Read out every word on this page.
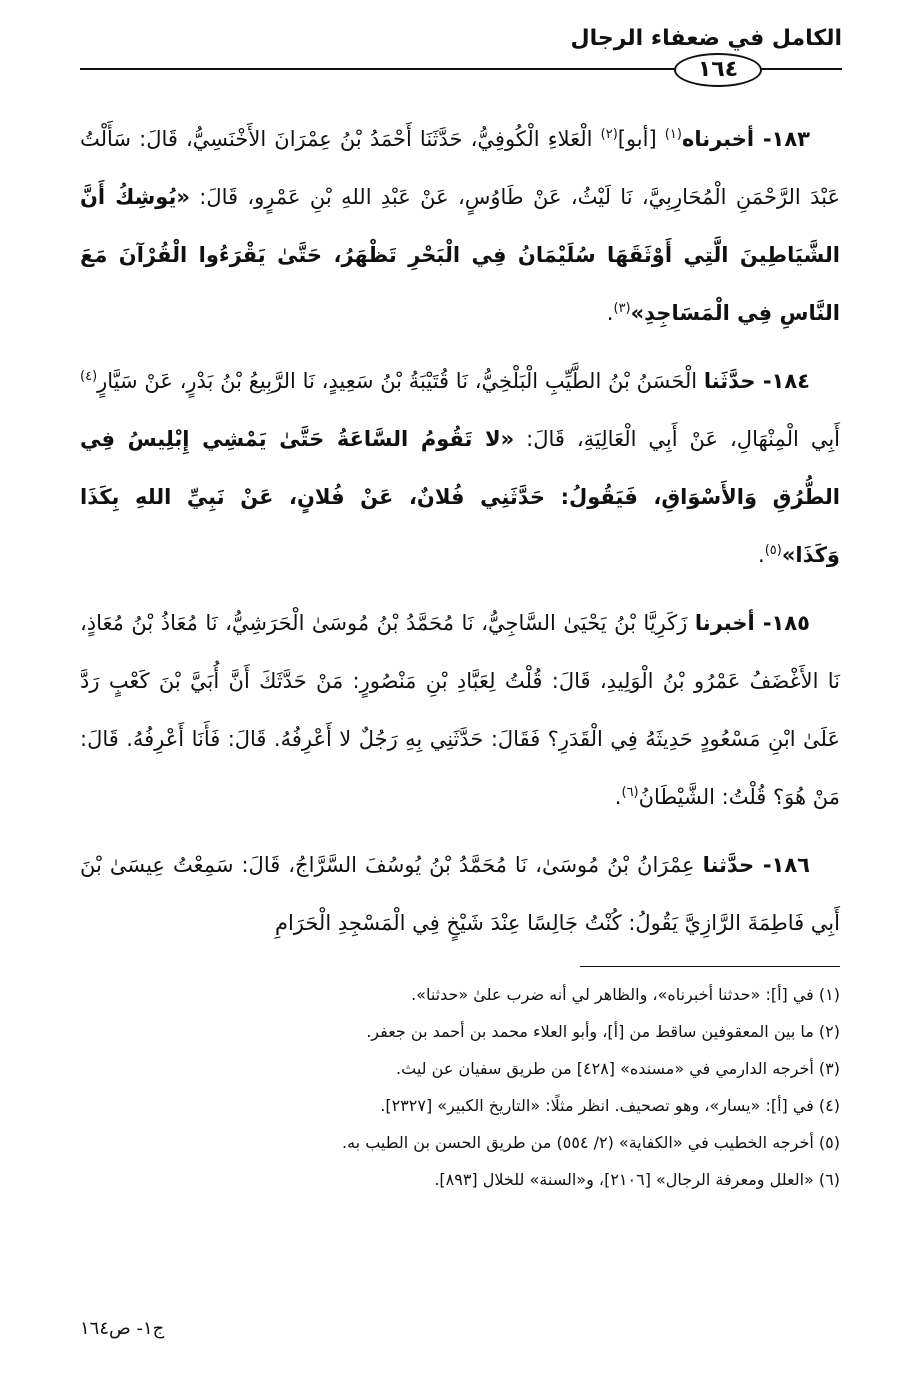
الكامل في ضعفاء الرجال
١٦٤

١٨٣- أخبرناه$^{(١)}$ [أبو]$^{(٢)}$ الْعَلاءِ الْكُوفِيُّ، حَدَّثَنَا أَحْمَدُ بْنُ عِمْرَانَ الأَخْنَسِيُّ، قَالَ: سَأَلْتُ عَبْدَ الرَّحْمَنِ الْمُحَارِبِيَّ، نَا لَيْثُ، عَنْ طَاوُسٍ، عَنْ عَبْدِ اللهِ بْنِ عَمْرٍو، قَالَ: «يُوشِكُ أَنَّ الشَّيَاطِينَ الَّتِي أَوْثَقَهَا سُلَيْمَانُ فِي الْبَحْرِ تَظْهَرُ، حَتَّىٰ يَقْرَءُوا الْقُرْآنَ مَعَ النَّاسِ فِي الْمَسَاجِدِ»$^{(٣)}$.

١٨٤- حدَّثَنا الْحَسَنُ بْنُ الطَّيِّبِ الْبَلْخِيُّ، نَا قُتَيْبَةُ بْنُ سَعِيدٍ، نَا الرَّبِيعُ بْنُ بَدْرٍ، عَنْ سَيَّارٍ$^{(٤)}$ أَبِي الْمِنْهَالِ، عَنْ أَبِي الْعَالِيَةِ، قَالَ: «لا تَقُومُ السَّاعَةُ حَتَّىٰ يَمْشِي إِبْلِيسُ فِي الطُّرُقِ وَالأَسْوَاقِ، فَيَقُولُ: حَدَّثَنِي فُلانٌ، عَنْ فُلانٍ، عَنْ نَبِيِّ اللهِ بِكَذَا وَكَذَا»$^{(٥)}$.

١٨٥- أخبرنا زَكَرِيَّا بْنُ يَحْيَىٰ السَّاجِيُّ، نَا مُحَمَّدُ بْنُ مُوسَىٰ الْحَرَشِيُّ، نَا مُعَاذُ بْنُ مُعَاذٍ، نَا الأَغْضَفُ عَمْرُو بْنُ الْوَلِيدِ، قَالَ: قُلْتُ لِعَبَّادِ بْنِ مَنْصُورٍ: مَنْ حَدَّثَكَ أَنَّ أُبَيَّ بْنَ كَعْبٍ رَدَّ عَلَىٰ ابْنِ مَسْعُودٍ حَدِيثَهُ فِي الْقَدَرِ؟ فَقَالَ: حَدَّثَنِي بِهِ رَجُلٌ لا أَعْرِفُهُ. قَالَ: فَأَنَا أَعْرِفُهُ. قَالَ: مَنْ هُوَ؟ قُلْتُ: الشَّيْطَانُ$^{(٦)}$.

١٨٦- حدَّثنا عِمْرَانُ بْنُ مُوسَىٰ، نَا مُحَمَّدُ بْنُ يُوسُفَ السَّرَّاجُ، قَالَ: سَمِعْتُ عِيسَىٰ بْنَ أَبِي فَاطِمَةَ الرَّازِيَّ يَقُولُ: كُنْتُ جَالِسًا عِنْدَ شَيْخٍ فِي الْمَسْجِدِ الْحَرَامِ

(١) في [أ]: «حدثنا أخبرناه»، والظاهر لي أنه ضرب علىٰ «حدثنا».

(٢) ما بين المعقوفين ساقط من [أ]، وأبو العلاء محمد بن أحمد بن جعفر.

(٣) أخرجه الدارمي في «مسنده» [٤٢٨] من طريق سفيان عن ليث.

(٤) في [أ]: «يسار»، وهو تصحيف. انظر مثلًا: «التاريخ الكبير» [٢٣٢٧].

(٥) أخرجه الخطيب في «الكفاية» (٢/ ٥٥٤) من طريق الحسن بن الطيب به.

(٦) «العلل ومعرفة الرجال» [٢١٠٦]، و«السنة» للخلال [٨٩٣].

ج١- ص١٦٤
